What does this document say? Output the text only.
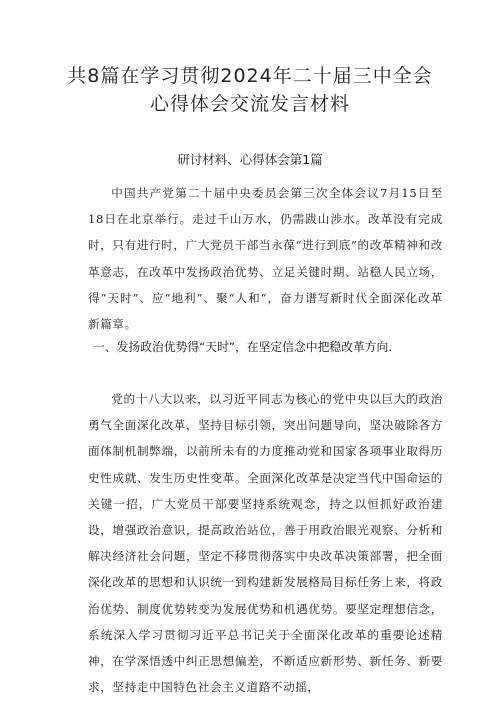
共8篇在学习贯彻2024年二十届三中全会
心得体会交流发言材料
研讨材料、心得体会第1篇

中国共产党第二十届中央委员会第三次全体会议7月15日至18日在北京举行。走过千山万水，仍需跋山涉水。改革没有完成时，只有进行时，广大党员干部当永葆“进行到底”的改革精神和改革意志，在改革中发扬政治优势、立足关键时期、站稳人民立场，得“天时”、应“地利”、聚“人和“，奋力谱写新时代全面深化改革新篇章。

一、发扬政治优势得“天时”，在坚定信念中把稳改革方向.

党的十八大以来，以习近平同志为核心的党中央以巨大的政治勇气全面深化改革，坚持目标引领，突出问题导向，坚决破除各方面体制机制弊端，以前所未有的力度推动党和国家各项事业取得历史性成就、发生历史性变革。全面深化改革是决定当代中国命运的关键一招，广大党员干部要坚持系统观念，持之以恒抓好政治建设，增强政治意识，提高政治站位，善于用政治眼光观察、分析和解决经济社会问题，坚定不移贯彻落实中央改革决策部署，把全面深化改革的思想和认识统一到构建新发展格局目标任务上来，将政治优势、制度优势转变为发展优势和机遇优势。要坚定理想信念，系统深入学习贯彻习近平总书记关于全面深化改革的重要论述精神，在学深悟透中纠正思想偏差，不断适应新形势、新任务、新要求，坚持走中国特色社会主义道路不动摇，
